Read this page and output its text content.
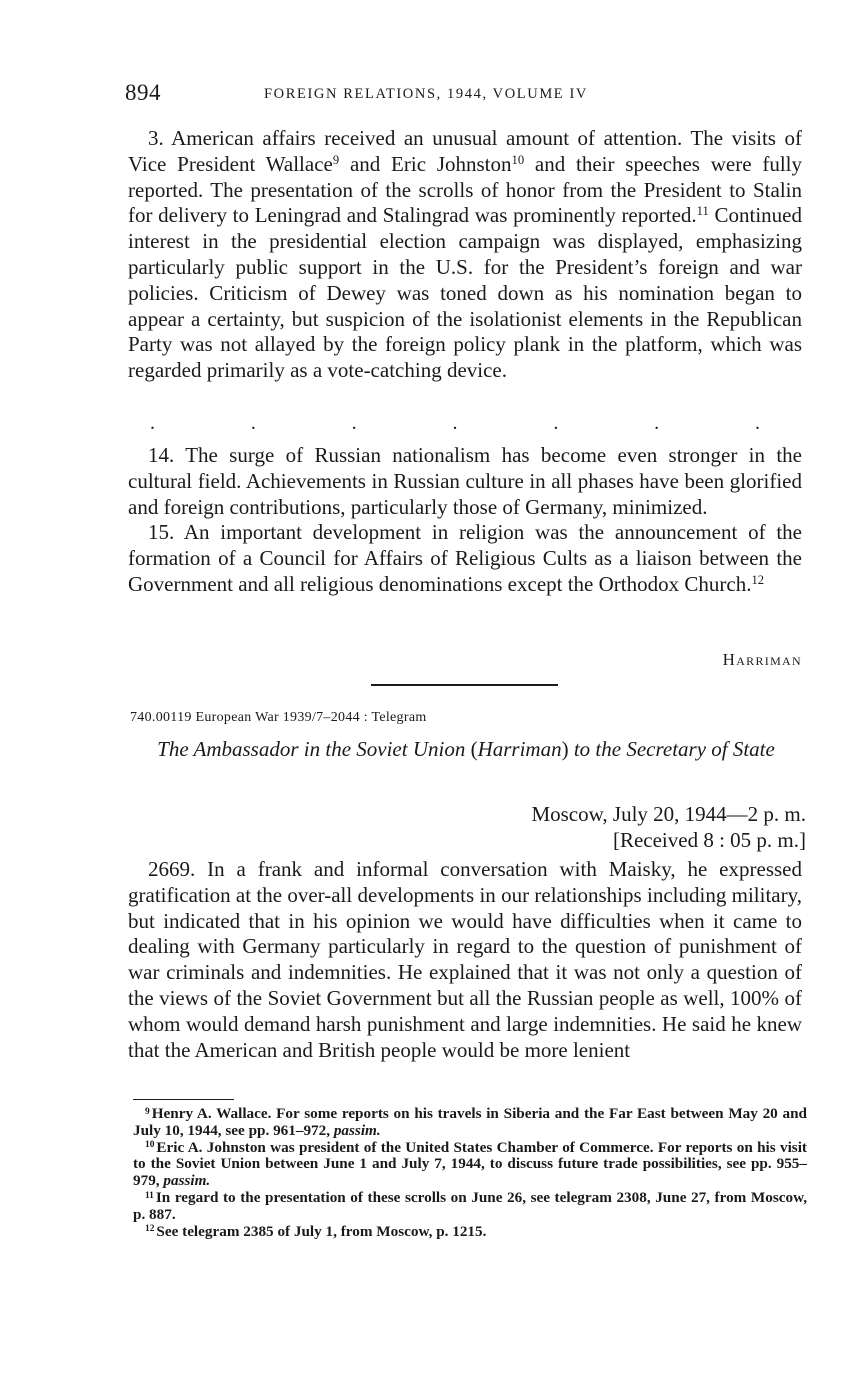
894	FOREIGN RELATIONS, 1944, VOLUME IV

3. American affairs received an unusual amount of attention. The visits of Vice President Wallace$^9$ and Eric Johnston$^{10}$ and their speeches were fully reported. The presentation of the scrolls of honor from the President to Stalin for delivery to Leningrad and Stalingrad was prominently reported.$^{11}$ Continued interest in the presidential election campaign was displayed, emphasizing particularly public support in the U.S. for the President’s foreign and war policies. Criticism of Dewey was toned down as his nomination began to appear a certainty, but suspicion of the isolationist elements in the Republican Party was not allayed by the foreign policy plank in the platform, which was regarded primarily as a vote-catching device.

.	.	.	.	.	.	.

14. The surge of Russian nationalism has become even stronger in the cultural field. Achievements in Russian culture in all phases have been glorified and foreign contributions, particularly those of Germany, minimized.

15. An important development in religion was the announcement of the formation of a Council for Affairs of Religious Cults as a liaison between the Government and all religious denominations except the Orthodox Church.$^{12}$

Harriman
740.00119 European War 1939/7–2044 : Telegram
The Ambassador in the Soviet Union (Harriman) to the Secretary of State
Moscow, July 20, 1944—2 p. m.
[Received 8 : 05 p. m.]

2669. In a frank and informal conversation with Maisky, he expressed gratification at the over-all developments in our relationships including military, but indicated that in his opinion we would have difficulties when it came to dealing with Germany particularly in regard to the question of punishment of war criminals and indemnities. He explained that it was not only a question of the views of the Soviet Government but all the Russian people as well, 100% of whom would demand harsh punishment and large indemnities. He said he knew that the American and British people would be more lenient

$^9$ Henry A. Wallace. For some reports on his travels in Siberia and the Far East between May 20 and July 10, 1944, see pp. 961–972, passim.

$^{10}$ Eric A. Johnston was president of the United States Chamber of Commerce. For reports on his visit to the Soviet Union between June 1 and July 7, 1944, to discuss future trade possibilities, see pp. 955–979, passim.

$^{11}$ In regard to the presentation of these scrolls on June 26, see telegram 2308, June 27, from Moscow, p. 887.

$^{12}$ See telegram 2385 of July 1, from Moscow, p. 1215.
